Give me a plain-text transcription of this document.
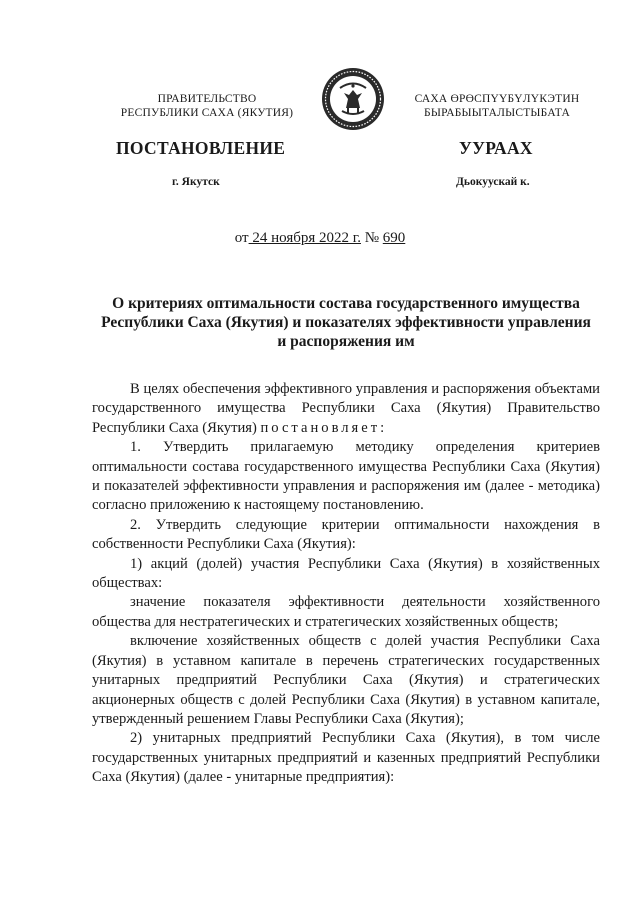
ПРАВИТЕЛЬСТВО
РЕСПУБЛИКИ САХА (ЯКУТИЯ)
САХА ӨРӨСПҮҮБҮЛҮКЭТИН
БЫРАБЫЫТАЛЫСТЫБАТА
ПОСТАНОВЛЕНИЕ	УУРААХ
г. Якутск	Дьокуускай к.
от 24 ноября 2022 г. № 690
О критериях оптимальности состава государственного имущества
Республики Саха (Якутия) и показателях эффективности управления
и распоряжения им

В целях обеспечения эффективного управления и распоряжения объектами государственного имущества Республики Саха (Якутия) Правительство Республики Саха (Якутия) постановляет:

1. Утвердить прилагаемую методику определения критериев оптимальности состава государственного имущества Республики Саха (Якутия) и показателей эффективности управления и распоряжения им (далее - методика) согласно приложению к настоящему постановлению.

2. Утвердить следующие критерии оптимальности нахождения в собственности Республики Саха (Якутия):

1) акций (долей) участия Республики Саха (Якутия) в хозяйственных обществах:

значение показателя эффективности деятельности хозяйственного общества для нестратегических и стратегических хозяйственных обществ;

включение хозяйственных обществ с долей участия Республики Саха (Якутия) в уставном капитале в перечень стратегических государственных унитарных предприятий Республики Саха (Якутия) и стратегических акционерных обществ с долей Республики Саха (Якутия) в уставном капитале, утвержденный решением Главы Республики Саха (Якутия);

2) унитарных предприятий Республики Саха (Якутия), в том числе государственных унитарных предприятий и казенных предприятий Республики Саха (Якутия) (далее - унитарные предприятия):
